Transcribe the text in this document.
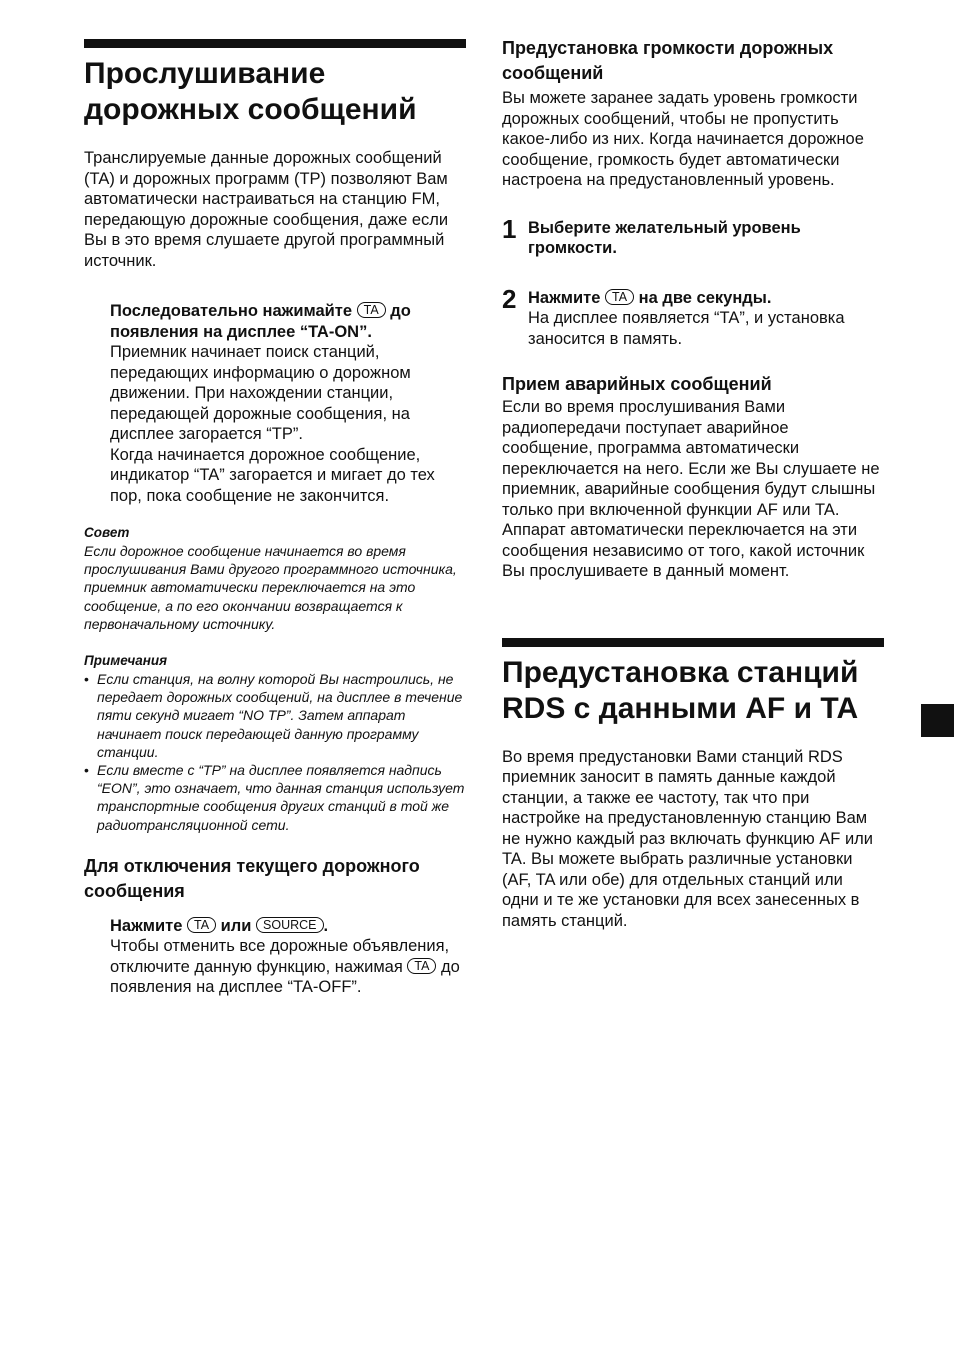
Прослушивание дорожных сообщений

Транслируемые данные дорожных сообщений (TA) и дорожных программ (TP) позволяют Вам автоматически настраиваться на станцию FM, передающую дорожные сообщения, даже если Вы в это время слушаете другой программный источник.

Последовательно нажимайте TA до появления на дисплее “TA-ON”.

Приемник начинает поиск станций, передающих информацию о дорожном движении. При нахождении станции, передающей дорожные сообщения, на дисплее загорается “TP”.

Когда начинается дорожное сообщение, индикатор “TA” загорается и мигает до тех пор, пока сообщение не закончится.

Совет
Если дорожное сообщение начинается во время прослушивания Вами другого программного источника, приемник автоматически переключается на это сообщение, а по его окончании возвращается к первоначальному источнику.
Примечания
• Если станция, на волну которой Вы настроились, не передает дорожных сообщений, на дисплее в течение пяти секунд мигает “NO TP”. Затем аппарат начинает поиск передающей данную программу станции.
• Если вместе с “TP” на дисплее появляется надпись “EON”, это означает, что данная станция использует транспортные сообщения других станций в той же радиотрансляционной сети.
Для отключения текущего дорожного сообщения

Нажмите TA или SOURCE .

Чтобы отменить все дорожные объявления, отключите данную функцию, нажимая TA до появления на дисплее “TA-OFF”.

Предустановка громкости дорожных сообщений

Вы можете заранее задать уровень громкости дорожных сообщений, чтобы не пропустить какое-либо из них. Когда начинается дорожное сообщение, громкость будет автоматически настроена на предустановленный уровень.

1 Выберите желательный уровень громкости.

2 Нажмите TA на две секунды.

На дисплее появляется “TA”, и установка заносится в память.

Прием аварийных сообщений

Если во время прослушивания Вами радиопередачи поступает аварийное сообщение, программа автоматически переключается на него. Если же Вы слушаете не приемник, аварийные сообщения будут слышны только при включенной функции AF или TA. Аппарат автоматически переключается на эти сообщения независимо от того, какой источник Вы прослушиваете в данный момент.

Предустановка станций RDS с данными AF и TA

Во время предустановки Вами станций RDS приемник заносит в память данные каждой станции, а также ее частоту, так что при настройке на предустановленную станцию Вам не нужно каждый раз включать функцию AF или TA. Вы можете выбрать различные установки (AF, TA или обе) для отдельных станций или одни и те же установки для всех занесенных в память станций.
